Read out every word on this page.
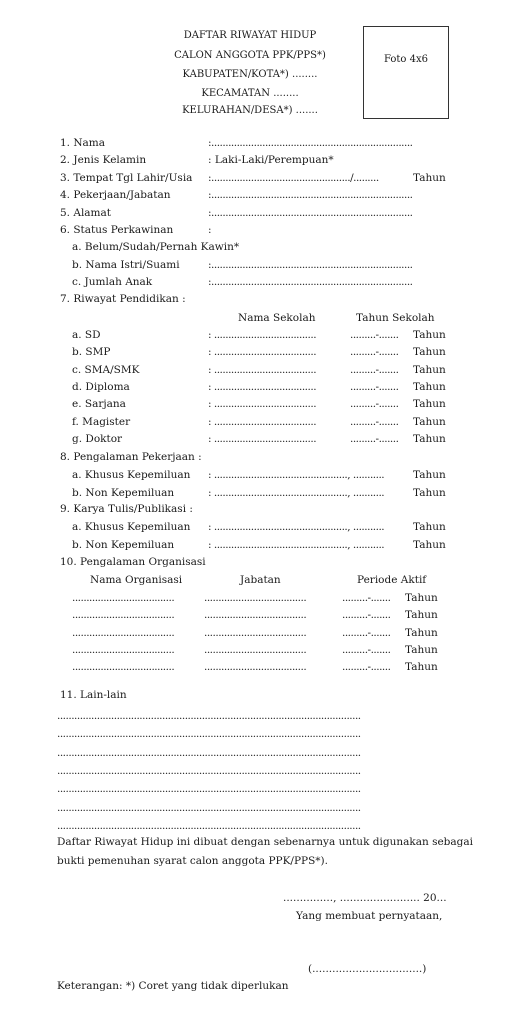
DAFTAR RIWAYAT HIDUP
CALON ANGGOTA PPK/PPS*)
KABUPATEN/KOTA*) ........
KECAMATAN ........
KELURAHAN/DESA*) .......
Foto 4x6
1. Nama	:.......................................................................
2. Jenis Kelamin	: Laki-Laki/Perempuan*
3. Tempat Tgl Lahir/Usia :................................................./.........	Tahun
4. Pekerjaan/Jabatan	:.......................................................................
5. Alamat	:.......................................................................
6. Status Perkawinan	:
a. Belum/Sudah/Pernah Kawin*
b. Nama Istri/Suami	:.......................................................................
c. Jumlah Anak	:.......................................................................
7. Riwayat Pendidikan :
Nama Sekolah	Tahun Sekolah
a. SD	: ....................................	.........-....... Tahun
b. SMP	: ....................................	.........-....... Tahun
c. SMA/SMK	: ....................................	.........-....... Tahun
d. Diploma	: ....................................	.........-....... Tahun
e. Sarjana	: ....................................	.........-....... Tahun
f. Magister	: ....................................	.........-....... Tahun
g. Doktor	: ....................................	.........-....... Tahun
8. Pengalaman Pekerjaan :
a. Khusus Kepemiluan : ..............................................., ...........	Tahun
b. Non Kepemiluan	: ..............................................., ...........	Tahun
9. Karya Tulis/Publikasi :
a. Khusus Kepemiluan : ..............................................., ...........	Tahun
b. Non Kepemiluan	: ..............................................., ...........	Tahun
10. Pengalaman Organisasi
Nama Organisasi	Jabatan	Periode Aktif
....................................	....................................	.........-....... Tahun
....................................	....................................	.........-....... Tahun
....................................	....................................	.........-....... Tahun
....................................	....................................	.........-....... Tahun
....................................	....................................	.........-....... Tahun
11. Lain-lain
...........................................................................................................
...........................................................................................................
...........................................................................................................
...........................................................................................................
...........................................................................................................
...........................................................................................................
...........................................................................................................
Daftar Riwayat Hidup ini dibuat dengan sebenarnya untuk digunakan sebagai
bukti pemenuhan syarat calon anggota PPK/PPS*).
..............., ........................ 20...
Yang membuat pernyataan,
(.................................)
Keterangan: *) Coret yang tidak diperlukan
